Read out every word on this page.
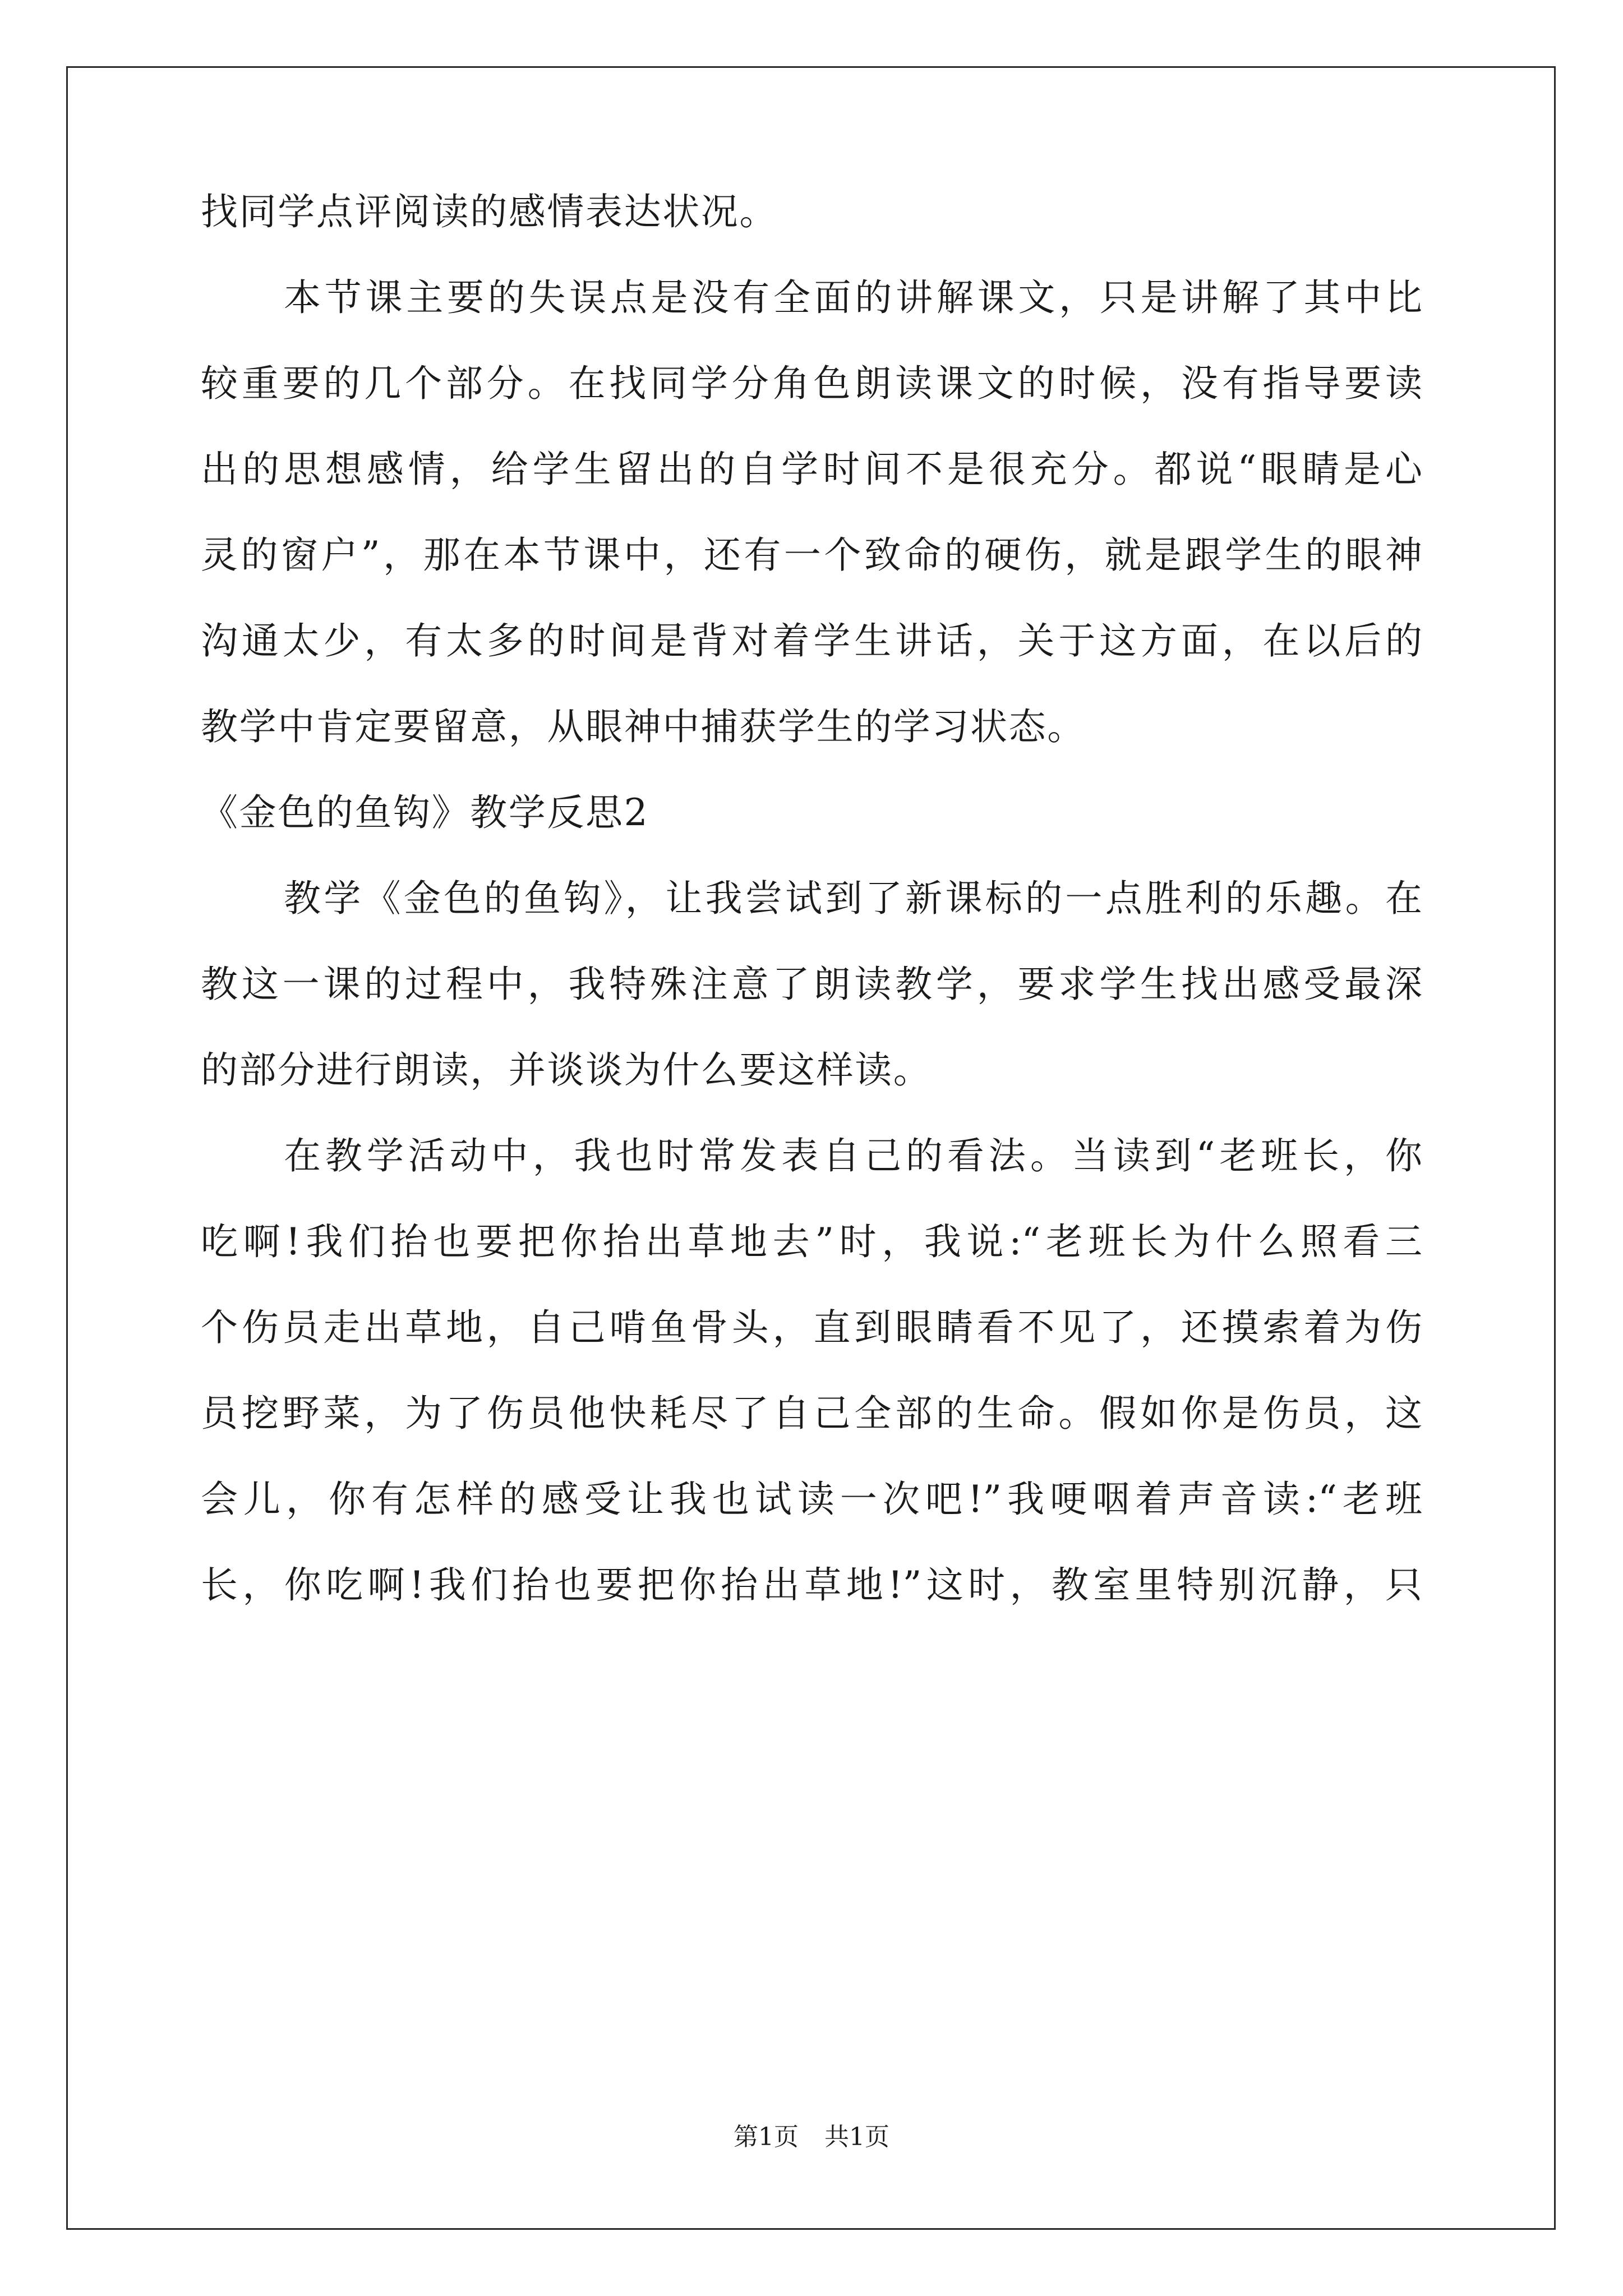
找同学点评阅读的感情表达状况。
本节课主要的失误点是没有全面的讲解课文，只是讲解了其中比
较重要的几个部分。在找同学分角色朗读课文的时候，没有指导要读
出的思想感情，给学生留出的自学时间不是很充分。都说“眼睛是心
灵的窗户”，那在本节课中，还有一个致命的硬伤，就是跟学生的眼神
沟通太少，有太多的时间是背对着学生讲话，关于这方面，在以后的
教学中肯定要留意，从眼神中捕获学生的学习状态。
《金色的鱼钩》教学反思2
教学《金色的鱼钩》，让我尝试到了新课标的一点胜利的乐趣。在
教这一课的过程中，我特殊注意了朗读教学，要求学生找出感受最深
的部分进行朗读，并谈谈为什么要这样读。
在教学活动中，我也时常发表自己的看法。当读到“老班长，你
吃啊!我们抬也要把你抬出草地去”时，我说:“老班长为什么照看三
个伤员走出草地，自己啃鱼骨头，直到眼睛看不见了，还摸索着为伤
员挖野菜，为了伤员他快耗尽了自己全部的生命。假如你是伤员，这
会儿，你有怎样的感受让我也试读一次吧!”我哽咽着声音读:“老班
长，你吃啊!我们抬也要把你抬出草地!”这时，教室里特别沉静，只
第1页 共1页
